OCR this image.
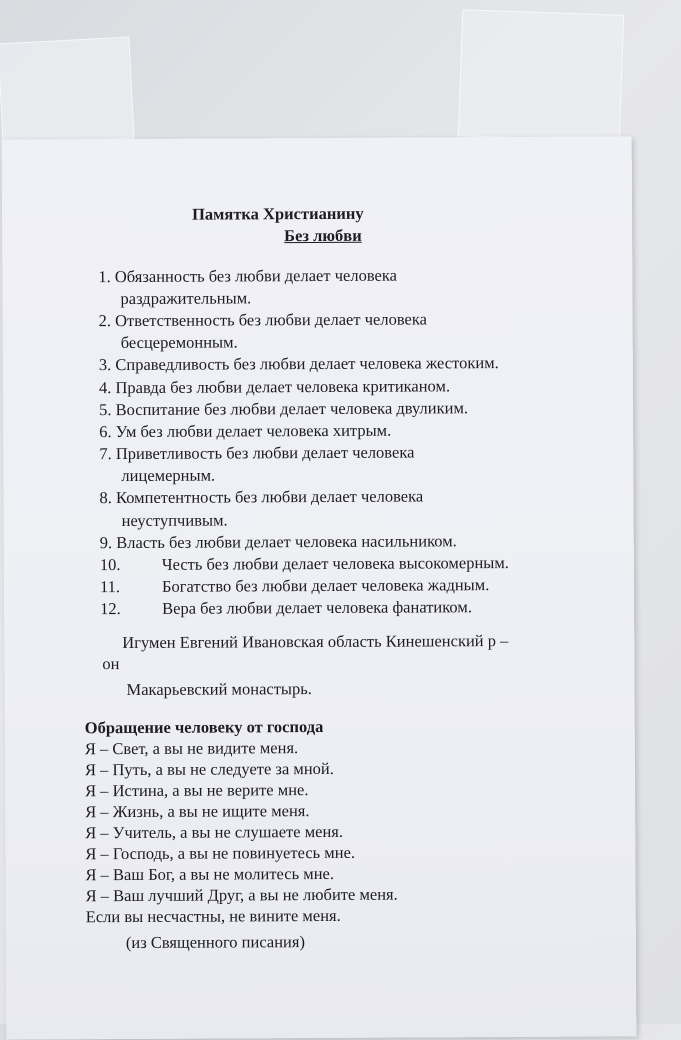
Памятка Христианину
Без любви
1. Обязанность без любви делает человека
раздражительным.
2. Ответственность без любви делает человека
бесцеремонным.
3. Справедливость без любви делает человека жестоким.
4. Правда без любви делает человека критиканом.
5. Воспитание без любви делает человека двуликим.
6. Ум без любви делает человека хитрым.
7. Приветливость без любви делает человека
лицемерным.
8. Компетентность без любви делает человека
неуступчивым.
9. Власть без любви делает человека насильником.
10.	Честь без любви делает человека высокомерным.
11.	Богатство без любви делает человека жадным.
12.	Вера без любви делает человека фанатиком.
Игумен Евгений Ивановская область Кинешенский р –
он
Макарьевский монастырь.
Обращение человеку от господа
Я – Свет, а вы не видите меня.
Я – Путь, а вы не следуете за мной.
Я – Истина, а вы не верите мне.
Я – Жизнь, а вы не ищите меня.
Я – Учитель, а вы не слушаете меня.
Я – Господь, а вы не повинуетесь мне.
Я – Ваш Бог, а вы не молитесь мне.
Я – Ваш лучший Друг, а вы не любите меня.
Если вы несчастны, не вините меня.
(из Священного писания)
